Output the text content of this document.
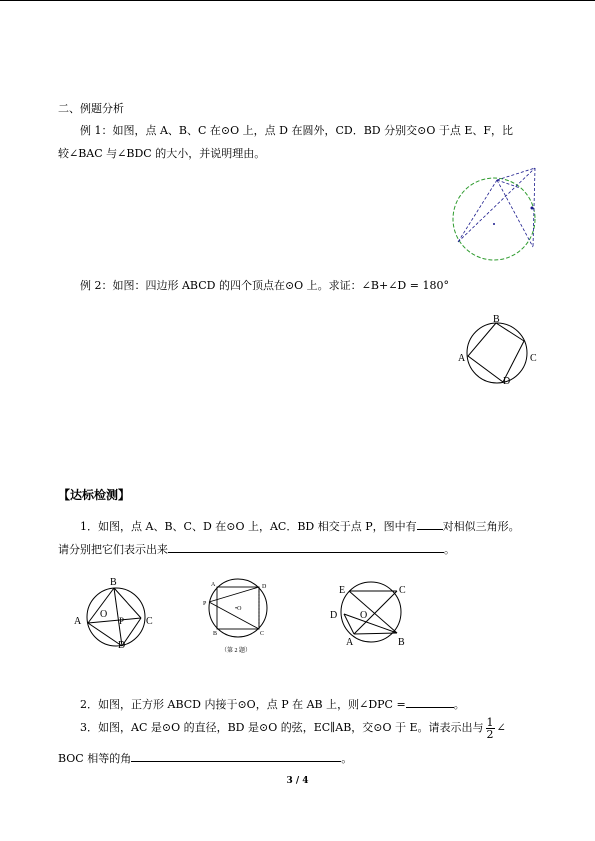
二、例题分析
例 1：如图，点 A、B、C 在⊙O 上，点 D 在圆外，CD．BD 分别交⊙O 于点 E、F，比
较∠BAC 与∠BDC 的大小，并说明理由。
例 2：如图：四边形 ABCD 的四个顶点在⊙O 上。求证：∠B+∠D = 180°
B
A	C
D
【达标检测】
1．如图，点 A、B、C、D 在⊙O 上，AC．BD 相交于点 P，图中有 对相似三角形。
请分别把它们表示出来	。
B
O
A	P C
D
A	D
P
•O
B	C
（第 2 题）
E	C
D O
A	B
2．如图，正方形 ABCD 内接于⊙O，点 P 在 AB 上，则∠DPC =	。
3．如图，AC 是⊙O 的直径，BD 是⊙O 的弦，EC∥AB，交⊙O 于 E。请表示出与 $\frac{1}{2}$ ∠
BOC 相等的角	。
3 / 4
